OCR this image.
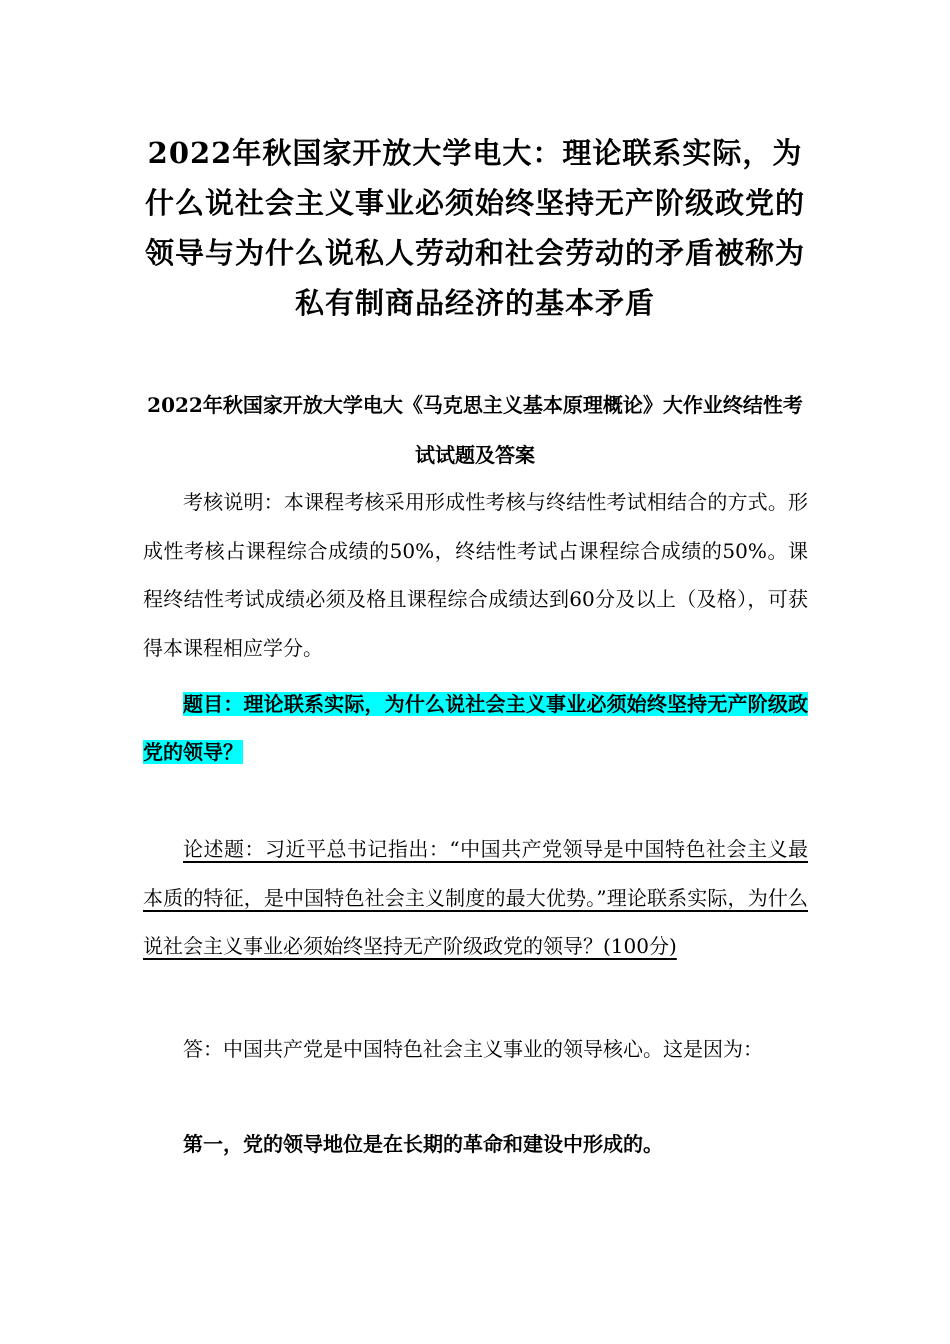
2022年秋国家开放大学电大：理论联系实际，为什么说社会主义事业必须始终坚持无产阶级政党的领导与为什么说私人劳动和社会劳动的矛盾被称为私有制商品经济的基本矛盾
2022年秋国家开放大学电大《马克思主义基本原理概论》大作业终结性考试试题及答案

考核说明：本课程考核采用形成性考核与终结性考试相结合的方式。形成性考核占课程综合成绩的50%，终结性考试占课程综合成绩的50%。课程终结性考试成绩必须及格且课程综合成绩达到60分及以上（及格），可获得本课程相应学分。

题目：理论联系实际，为什么说社会主义事业必须始终坚持无产阶级政党的领导？

论述题：习近平总书记指出：“中国共产党领导是中国特色社会主义最本质的特征，是中国特色社会主义制度的最大优势。”理论联系实际，为什么说社会主义事业必须始终坚持无产阶级政党的领导？(100分)

答：中国共产党是中国特色社会主义事业的领导核心。这是因为：

第一，党的领导地位是在长期的革命和建设中形成的。
